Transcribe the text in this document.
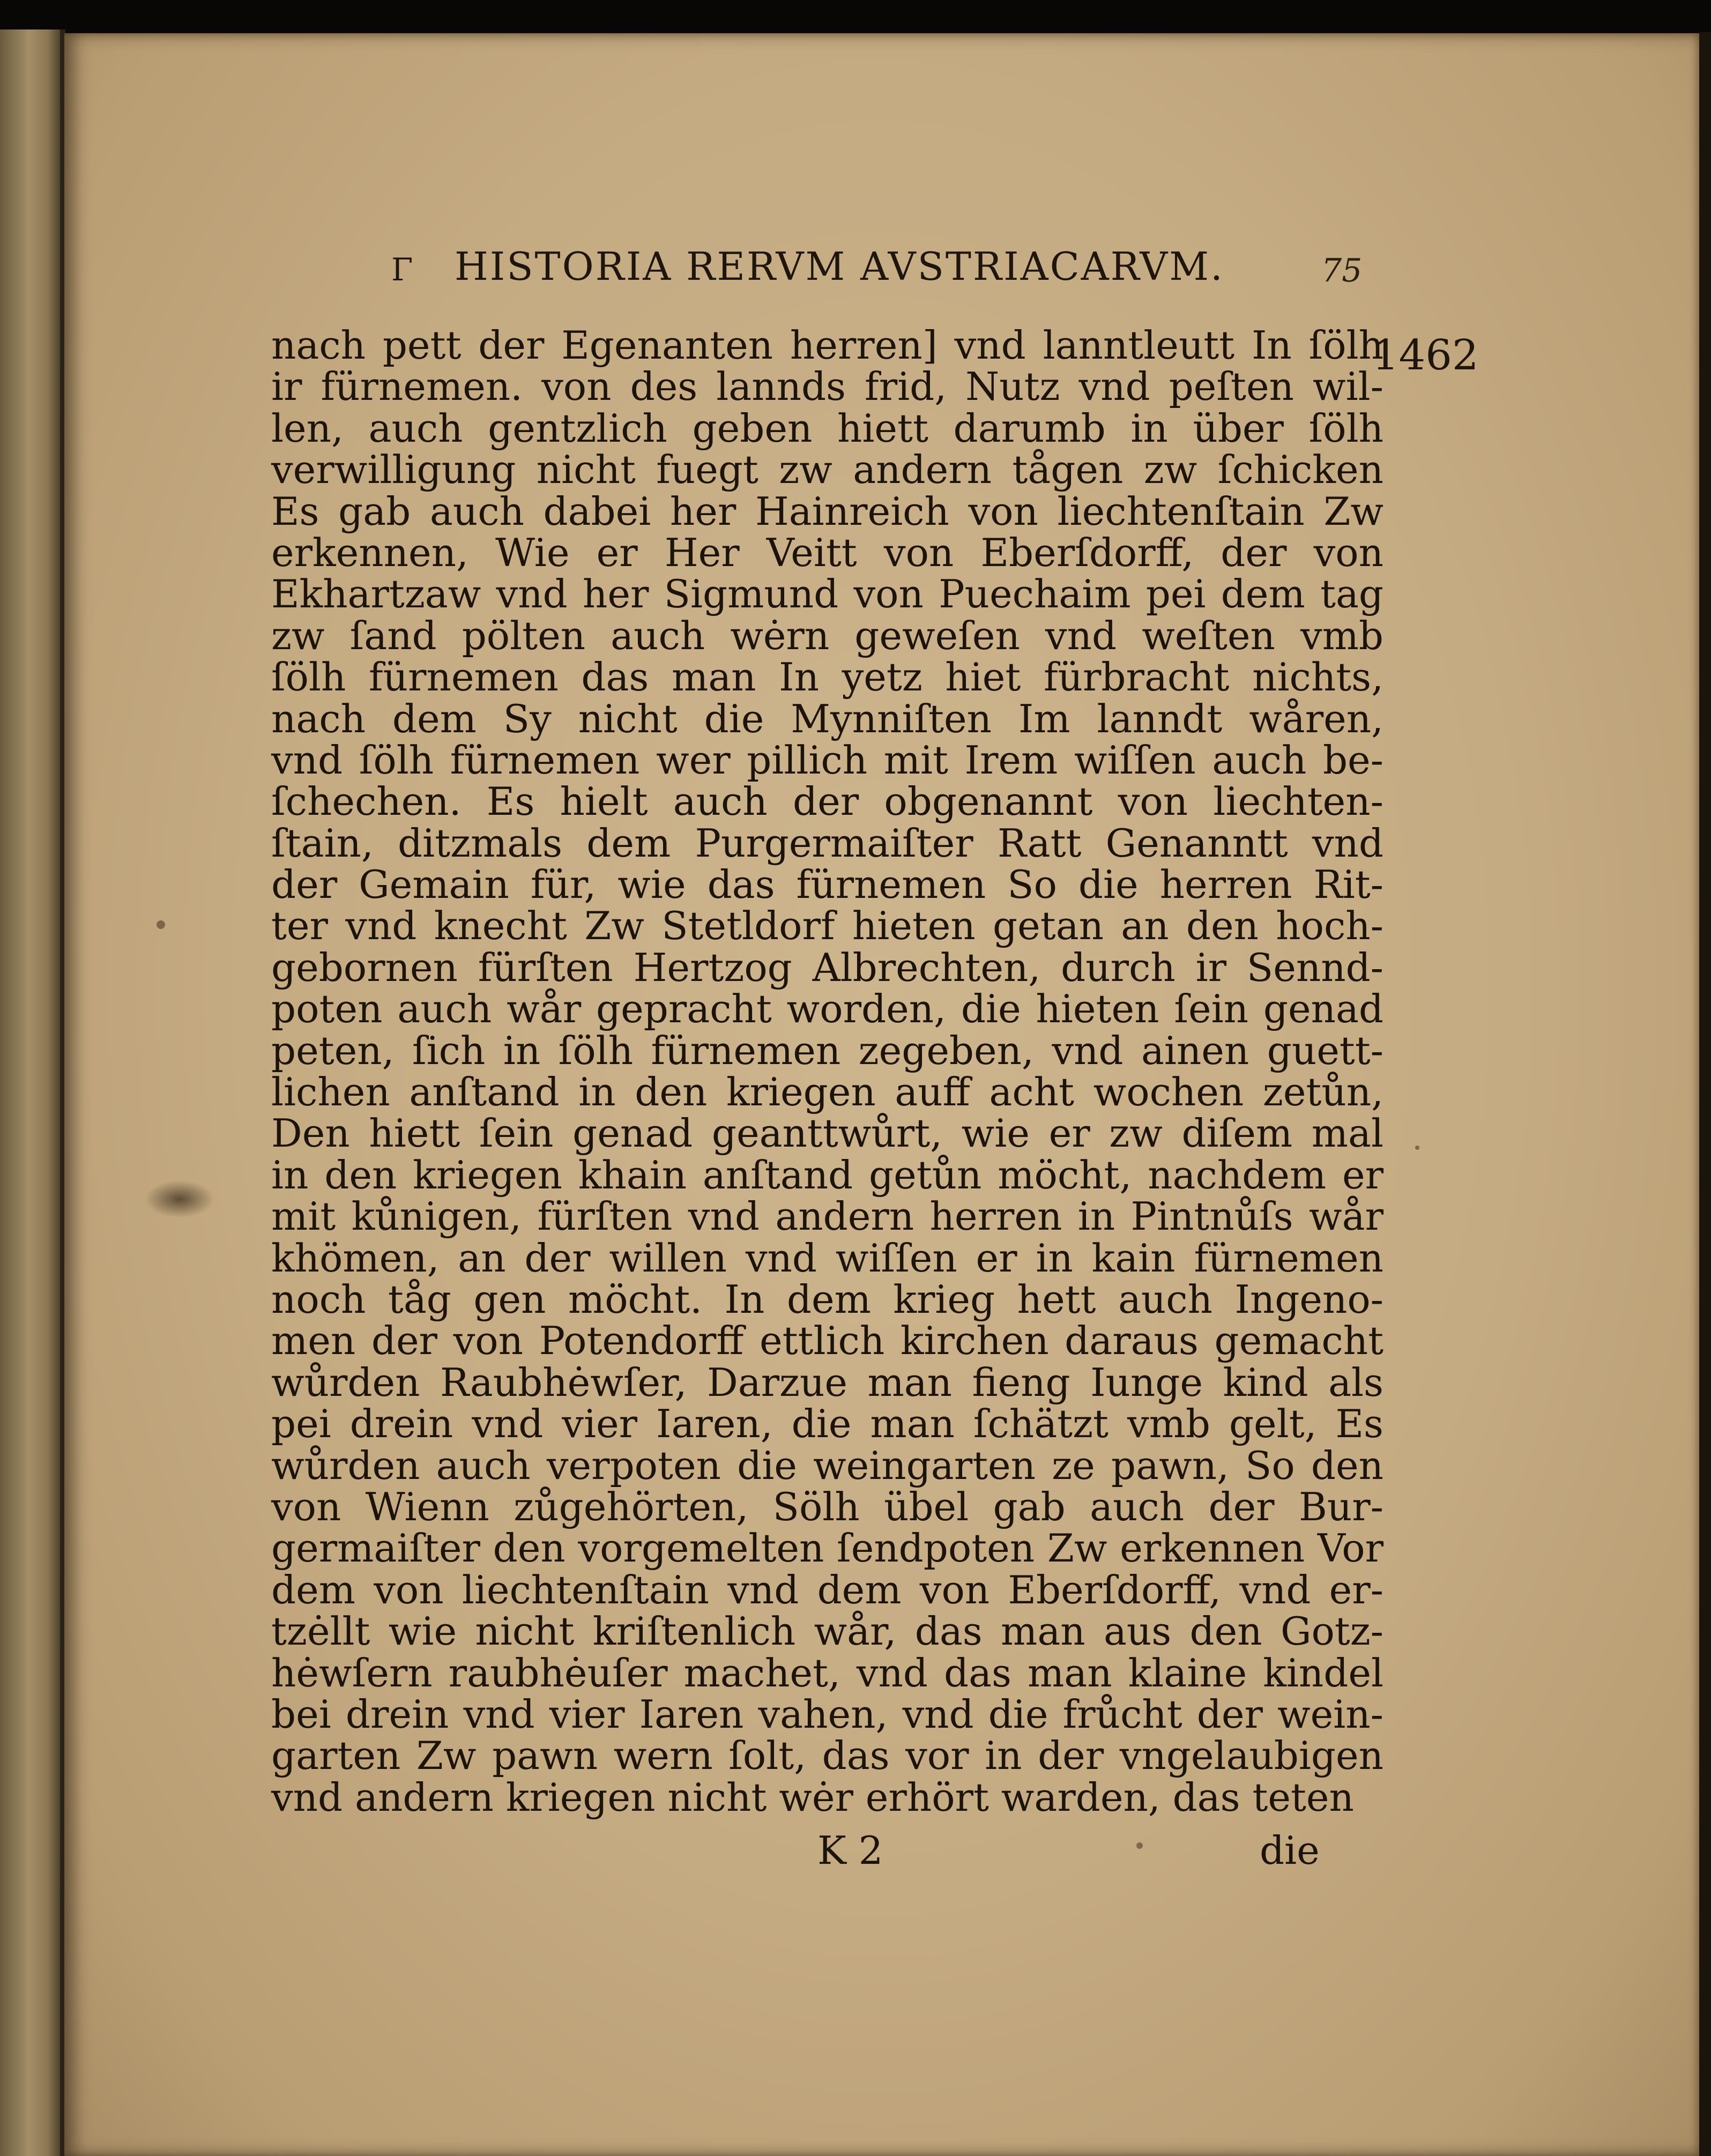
Γ HISTORIA RERVM AVSTRIACARVM.	75
1462
nach pett der Egenanten herren] vnd lanntleutt In ſölh
ir fürnemen. von des lannds frid, Nutz vnd peſten wil-
len, auch gentzlich geben hiett darumb in über ſölh
verwilligung nicht fuegt zw andern tågen zw ſchicken
Es gab auch dabei her Hainreich von liechtenſtain Zw
erkennen, Wie er Her Veitt von Eberſdorff, der von
Ekhartzaw vnd her Sigmund von Puechaim pei dem tag
zw ſand pölten auch wėrn geweſen vnd weſten vmb
ſölh fürnemen das man In yetz hiet fürbracht nichts,
nach dem Sy nicht die Mynniſten Im lanndt wåren,
vnd ſölh fürnemen wer pillich mit Irem wiſſen auch be-
ſchechen. Es hielt auch der obgenannt von liechten-
ſtain, ditzmals dem Purgermaiſter Ratt Genanntt vnd
der Gemain für, wie das fürnemen So die herren Rit-
ter vnd knecht Zw Stetldorf hieten getan an den hoch-
gebornen fürſten Hertzog Albrechten, durch ir Sennd-
poten auch wår gepracht worden, die hieten ſein genad
peten, ſich in ſölh fürnemen zegeben, vnd ainen guett-
lichen anſtand in den kriegen auff acht wochen zetůn,
Den hiett ſein genad geanttwůrt, wie er zw diſem mal
in den kriegen khain anſtand getůn möcht, nachdem er
mit kůnigen, fürſten vnd andern herren in Pintnůſs wår
khömen, an der willen vnd wiſſen er in kain fürnemen
noch tåg gen möcht. In dem krieg hett auch Ingeno-
men der von Potendorff ettlich kirchen daraus gemacht
wůrden Raubhėwſer, Darzue man fieng Iunge kind als
pei drein vnd vier Iaren, die man ſchätzt vmb gelt, Es
wůrden auch verpoten die weingarten ze pawn, So den
von Wienn zůgehörten, Sölh übel gab auch der Bur-
germaiſter den vorgemelten ſendpoten Zw erkennen Vor
dem von liechtenſtain vnd dem von Eberſdorff, vnd er-
tzėllt wie nicht kriſtenlich wår, das man aus den Gotz-
hėwſern raubhėuſer machet, vnd das man klaine kindel
bei drein vnd vier Iaren vahen, vnd die frůcht der wein-
garten Zw pawn wern ſolt, das vor in der vngelaubigen
vnd andern kriegen nicht wėr erhört warden, das teten
K 2	die
